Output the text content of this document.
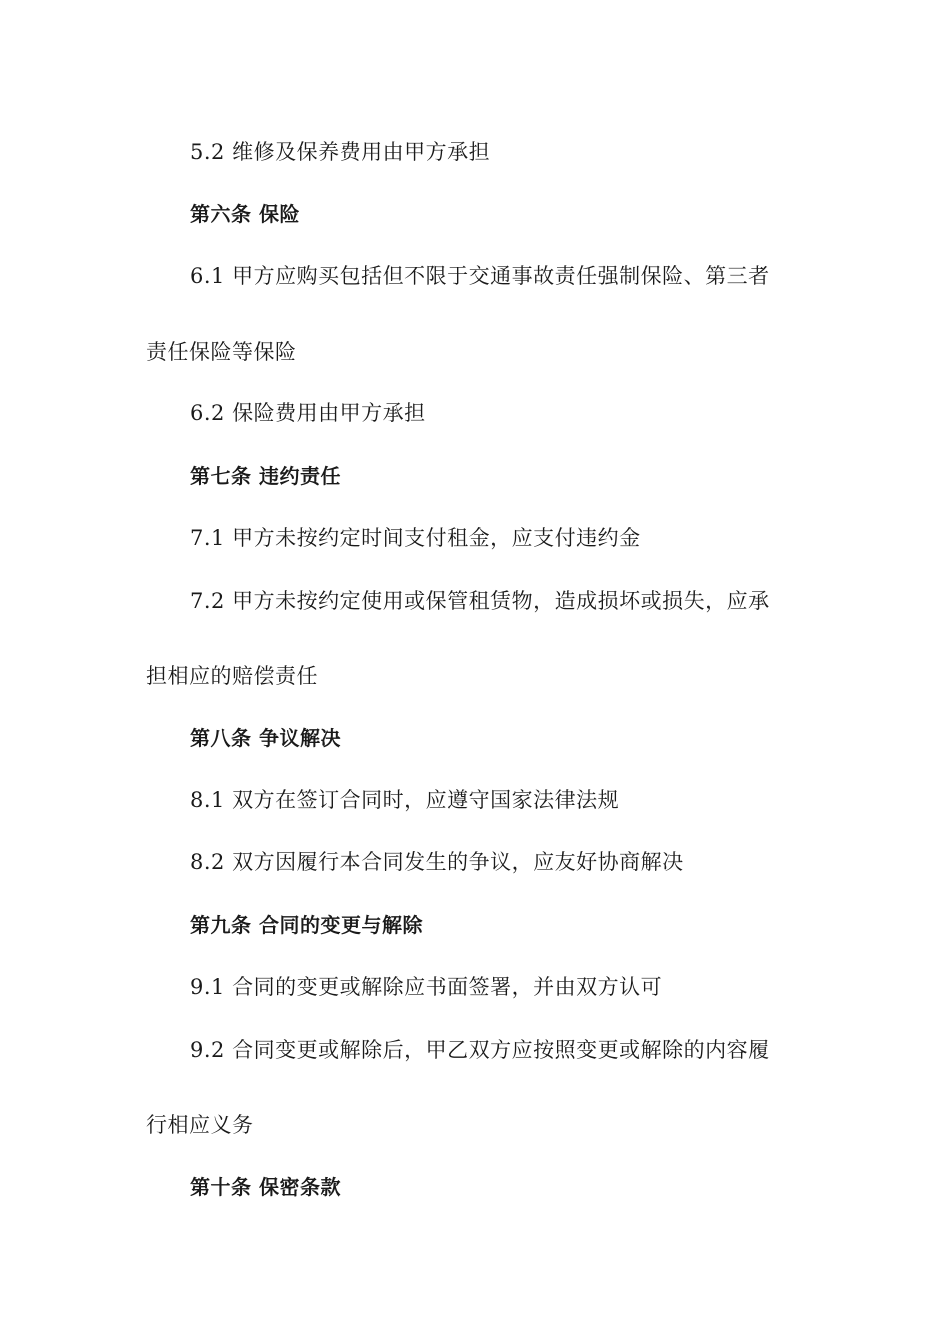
5.2 维修及保养费用由甲方承担
第六条 保险
6.1 甲方应购买包括但不限于交通事故责任强制保险、第三者
责任保险等保险
6.2 保险费用由甲方承担
第七条 违约责任
7.1 甲方未按约定时间支付租金，应支付违约金
7.2 甲方未按约定使用或保管租赁物，造成损坏或损失，应承
担相应的赔偿责任
第八条 争议解决
8.1 双方在签订合同时，应遵守国家法律法规
8.2 双方因履行本合同发生的争议，应友好协商解决
第九条 合同的变更与解除
9.1 合同的变更或解除应书面签署，并由双方认可
9.2 合同变更或解除后，甲乙双方应按照变更或解除的内容履
行相应义务
第十条 保密条款
